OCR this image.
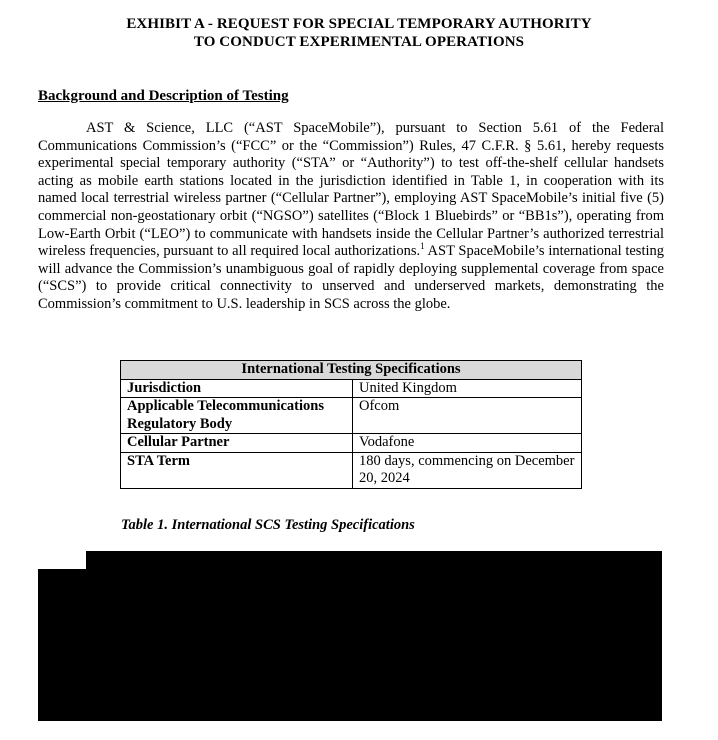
EXHIBIT A - REQUEST FOR SPECIAL TEMPORARY AUTHORITY
TO CONDUCT EXPERIMENTAL OPERATIONS
Background and Description of Testing
AST & Science, LLC (“AST SpaceMobile”), pursuant to Section 5.61 of the Federal Communications Commission’s (“FCC” or the “Commission”) Rules, 47 C.F.R. § 5.61, hereby requests experimental special temporary authority (“STA” or “Authority”) to test off-the-shelf cellular handsets acting as mobile earth stations located in the jurisdiction identified in Table 1, in cooperation with its named local terrestrial wireless partner (“Cellular Partner”), employing AST SpaceMobile’s initial five (5) commercial non-geostationary orbit (“NGSO”) satellites (“Block 1 Bluebirds” or “BB1s”), operating from Low-Earth Orbit (“LEO”) to communicate with handsets inside the Cellular Partner’s authorized terrestrial wireless frequencies, pursuant to all required local authorizations.$^1$ AST SpaceMobile’s international testing will advance the Commission’s unambiguous goal of rapidly deploying supplemental coverage from space (“SCS”) to provide critical connectivity to unserved and underserved markets, demonstrating the Commission’s commitment to U.S. leadership in SCS across the globe.
International Testing Specifications	
Jurisdiction	United Kingdom
Applicable Telecommunications Regulatory Body	Ofcom
Cellular Partner	Vodafone
STA Term	180 days, commencing on December 20, 2024
Table 1. International SCS Testing Specifications
